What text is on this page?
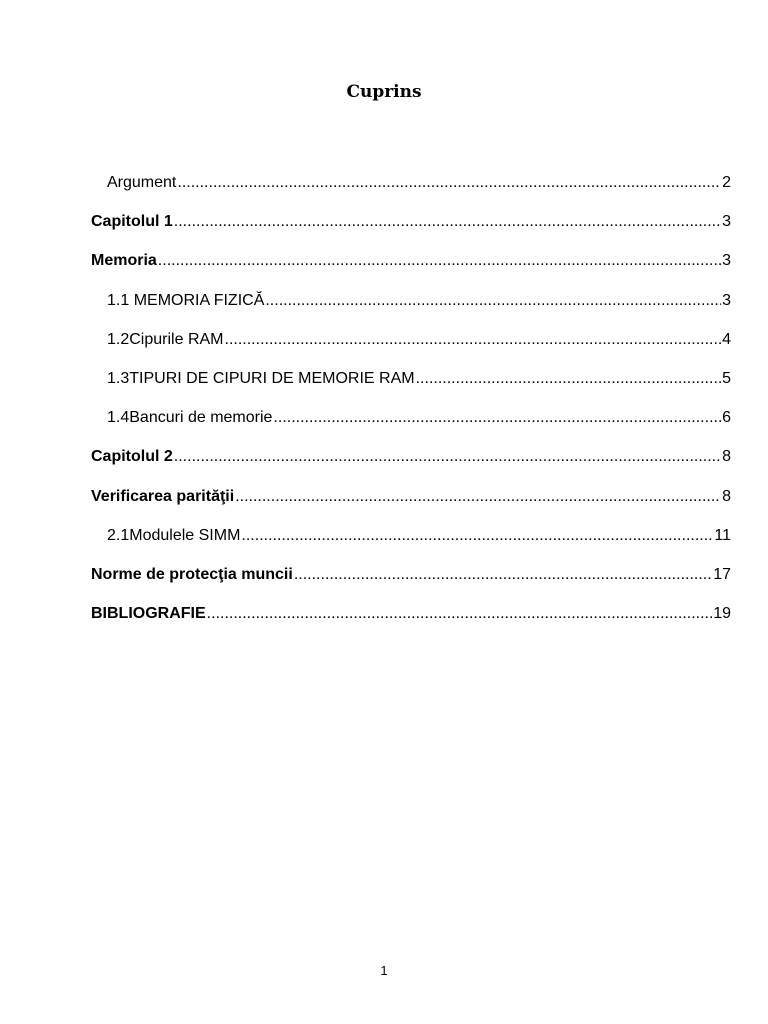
Cuprins
Argument .....	2
Capitolul 1 .....	3
Memoria .....	3
1.1 MEMORIA FIZICĂ .....	3
1.2 Cipurile RAM .....	4
1.3 TIPURI DE CIPURI DE MEMORIE RAM .....	5
1.4 Bancuri de memorie .....	6
Capitolul 2 .....	8
Verificarea parităţii .....	8
2.1 Modulele SIMM .....	11
Norme de protecţia muncii .....	17
BIBLIOGRAFIE .....	19
1
